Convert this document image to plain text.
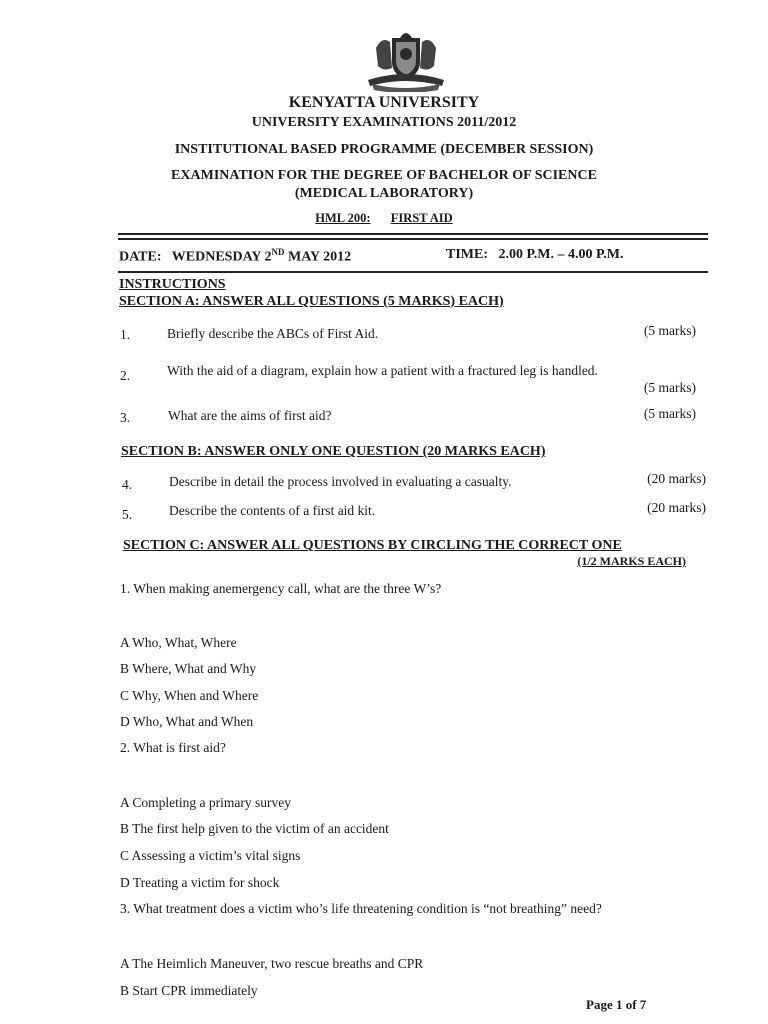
KENYATTA UNIVERSITY
UNIVERSITY EXAMINATIONS 2011/2012
INSTITUTIONAL BASED PROGRAMME (DECEMBER SESSION)
EXAMINATION FOR THE DEGREE OF BACHELOR OF SCIENCE
(MEDICAL LABORATORY)
HML 200: FIRST AID
DATE: WEDNESDAY 2ND MAY 2012	TIME: 2.00 P.M. – 4.00 P.M.
INSTRUCTIONS
SECTION A: ANSWER ALL QUESTIONS (5 MARKS) EACH)
1.	Briefly describe the ABCs of First Aid.	(5 marks)
2.	With the aid of a diagram, explain how a patient with a fractured leg is handled.
(5 marks)
3.	What are the aims of first aid?	(5 marks)
SECTION B: ANSWER ONLY ONE QUESTION (20 MARKS EACH)
4.	Describe in detail the process involved in evaluating a casualty.	(20 marks)
5.	Describe the contents of a first aid kit.	(20 marks)
SECTION C: ANSWER ALL QUESTIONS BY CIRCLING THE CORRECT ONE
(1/2 MARKS EACH)
1. When making anemergency call, what are the three W’s?
A Who, What, Where
B Where, What and Why
C Why, When and Where
D Who, What and When
2. What is first aid?
A Completing a primary survey
B The first help given to the victim of an accident
C Assessing a victim’s vital signs
D Treating a victim for shock
3. What treatment does a victim who’s life threatening condition is “not breathing” need?
A The Heimlich Maneuver, two rescue breaths and CPR
B Start CPR immediately
Page 1 of 7
